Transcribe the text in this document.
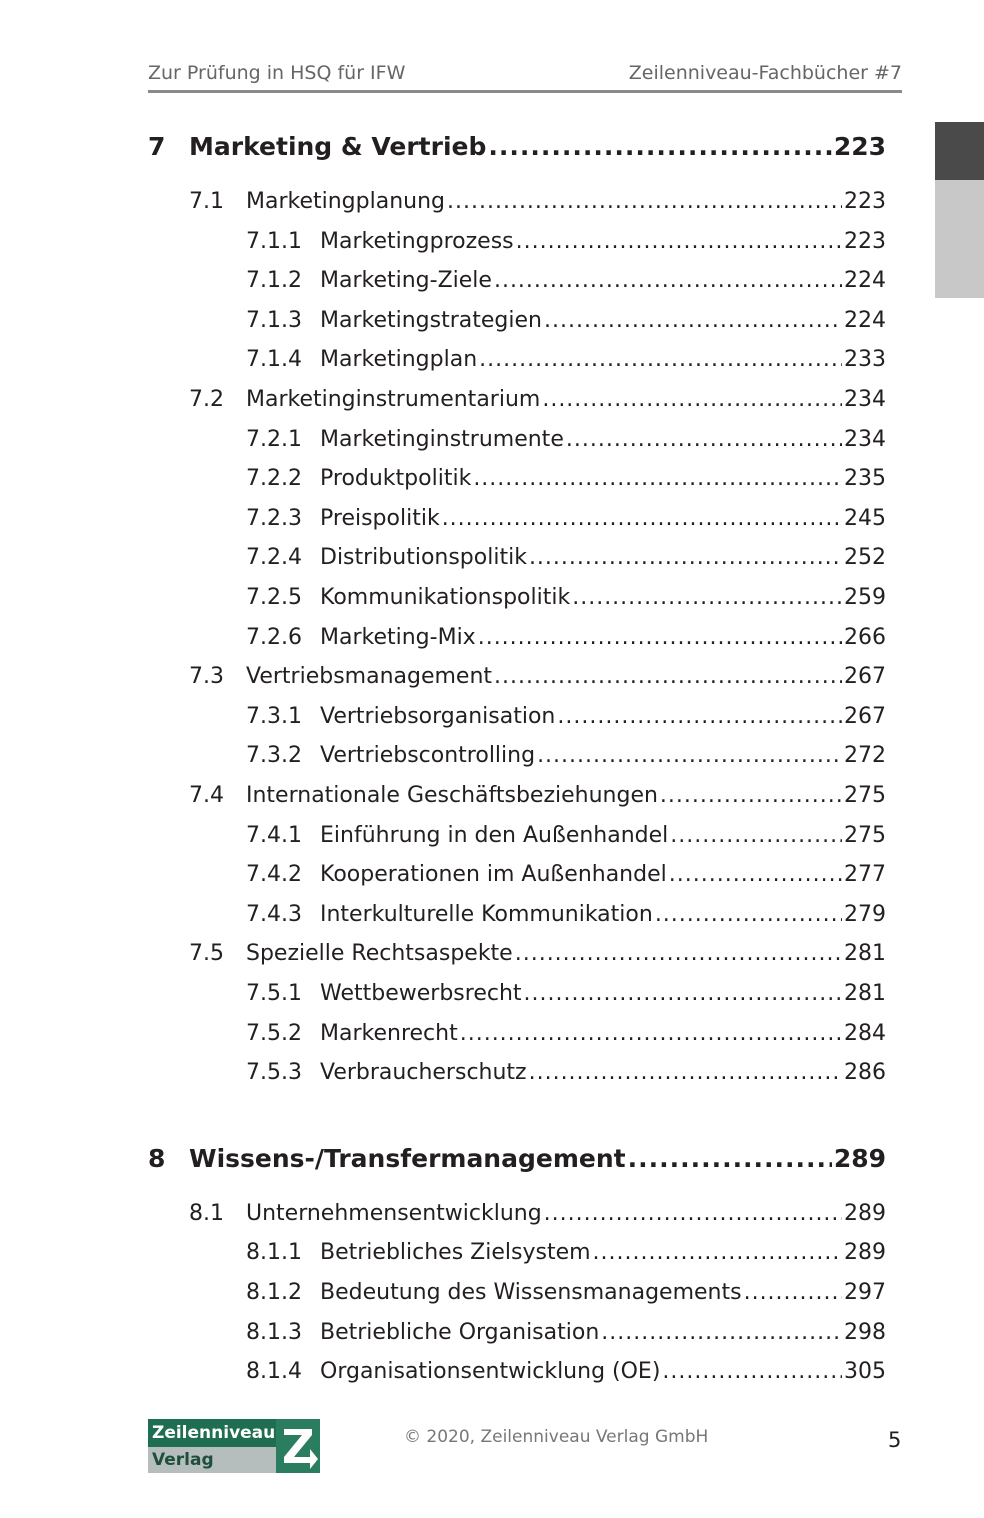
Zur Prüfung in HSQ für IFW	Zeilenniveau-Fachbücher #7
7 Marketing & Vertrieb .....	223
7.1 Marketingplanung .....	223
7.1.1 Marketingprozess .....	223
7.1.2 Marketing-Ziele .....	224
7.1.3 Marketingstrategien .....	224
7.1.4 Marketingplan .....	233
7.2 Marketinginstrumentarium .....	234
7.2.1 Marketinginstrumente .....	234
7.2.2 Produktpolitik .....	235
7.2.3 Preispolitik .....	245
7.2.4 Distributionspolitik .....	252
7.2.5 Kommunikationspolitik .....	259
7.2.6 Marketing-Mix .....	266
7.3 Vertriebsmanagement .....	267
7.3.1 Vertriebsorganisation .....	267
7.3.2 Vertriebscontrolling .....	272
7.4 Internationale Geschäftsbeziehungen .....	275
7.4.1 Einführung in den Außenhandel .....	275
7.4.2 Kooperationen im Außenhandel .....	277
7.4.3 Interkulturelle Kommunikation .....	279
7.5 Spezielle Rechtsaspekte .....	281
7.5.1 Wettbewerbsrecht .....	281
7.5.2 Markenrecht .....	284
7.5.3 Verbraucherschutz .....	286
8 Wissens-/Transfermanagement .....	289
8.1 Unternehmensentwicklung .....	289
8.1.1 Betriebliches Zielsystem .....	289
8.1.2 Bedeutung des Wissensmanagements .....	297
8.1.3 Betriebliche Organisation .....	298
8.1.4 Organisationsentwicklung (OE) .....	305
Zeilenniveau
Verlag
© 2020, Zeilenniveau Verlag GmbH	5
